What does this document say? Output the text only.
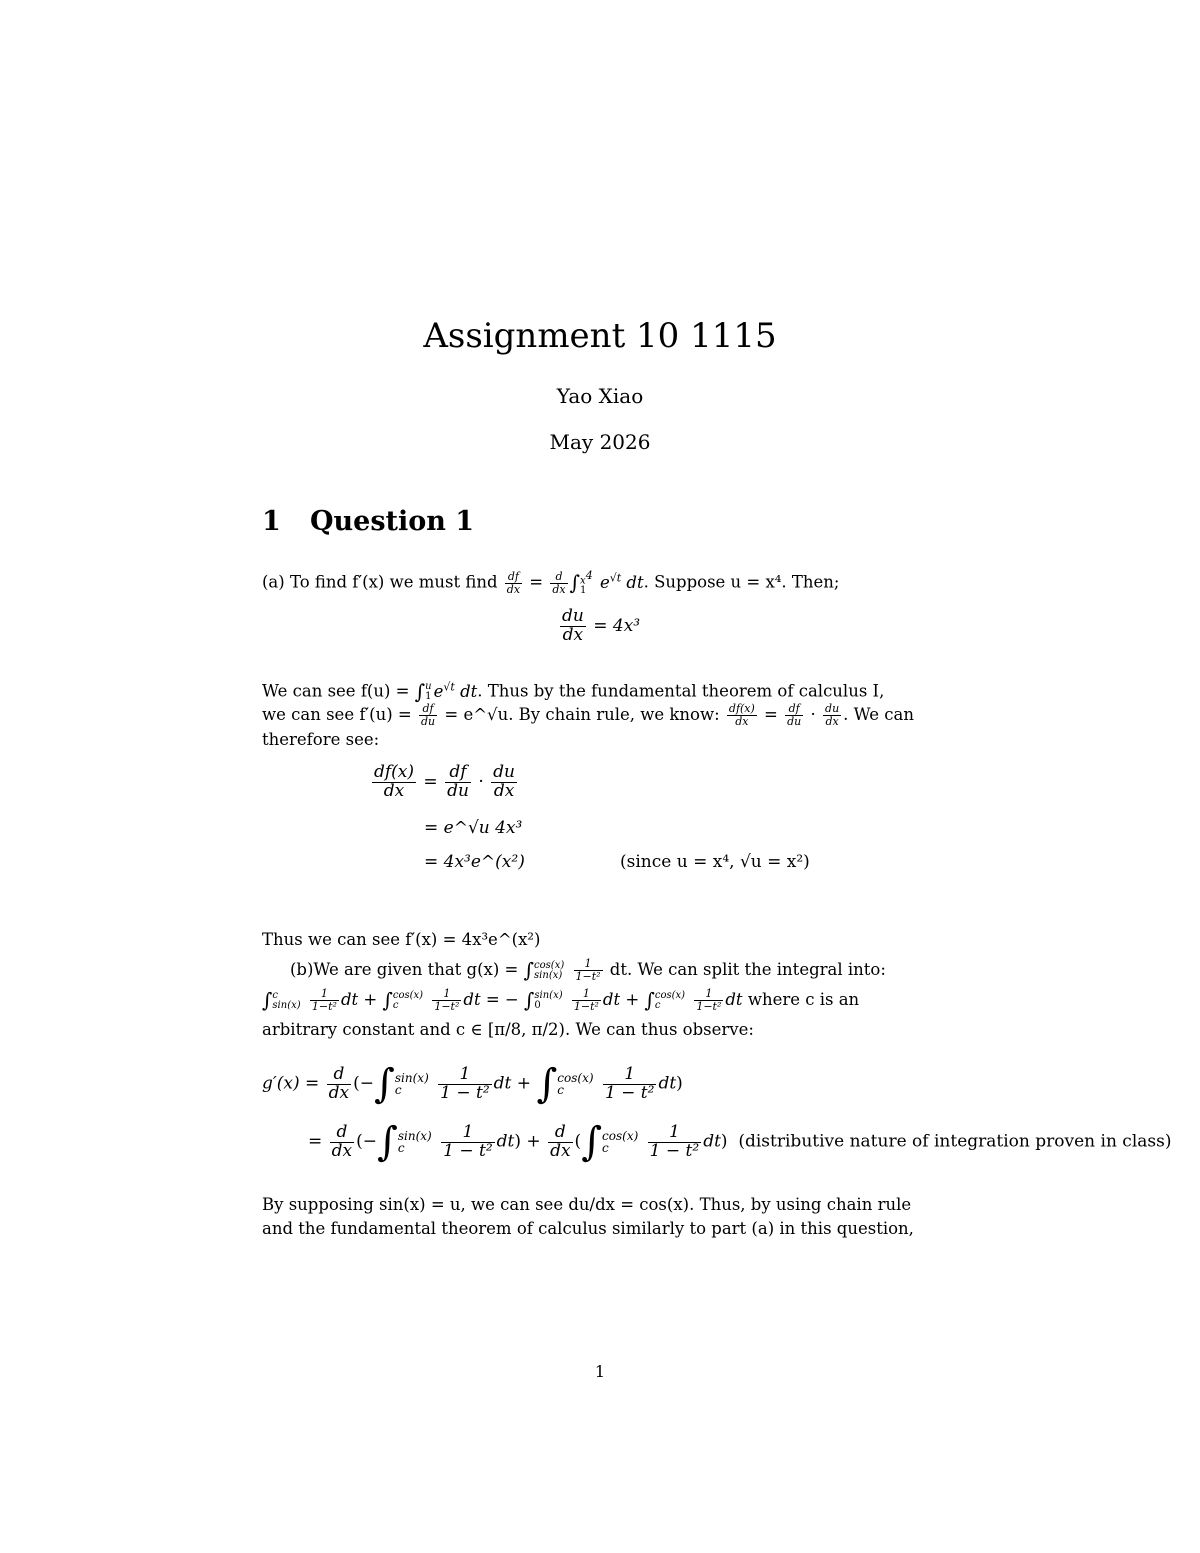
Assignment 10 1115
Yao Xiao
May 2026
1 Question 1
(a) To find f′(x) we must find $\frac{df}{dx} = \frac{d}{dx}$ ∫ $x^4$
1 $e^{√t}$ dt. Suppose u = x⁴. Then;
$\frac{du}{dx} = 4x^3$
We can see f(u) = ∫ u
1 $e^{√t}$ dt. Thus by the fundamental theorem of calculus I,
we can see $f'(u) = \frac{df}{du}$ = e^√u. By chain rule, we know: $\frac{df(x)}{dx} = \frac{df}{du} \cdot \frac{du}{dx}$ . We can
therefore see:
$\frac{df(x)}{dx} = \frac{df}{du} \cdot \frac{du}{dx}$
= e^√u 4x³
= 4x³e^(x²)	(since u = x⁴, √u = x²)
Thus we can see f′(x) = 4x³e^(x²)
(b)We are given that g(x) = ∫ cos(x)
sin(x)
$\frac{1}{\text{1−t²}}$ dt. We can split the integral into:
∫ c
sin(x)
$\frac{1}{\text{1−t²}}$ dt + ∫ cos(x)
c
	$\frac{1}{\text{1−t²}}$ dt = − ∫ sin(x)
0
	$\frac{1}{\text{1−t²}}$ dt + ∫ cos(x)
c
	$\frac{1}{\text{1−t²}}$ dt where c is an
arbitrary constant and c ∈ [π/8, π/2). We can thus observe:
$g'(x) = \frac{d}{dx}$ (−∫ sin(x)
c
	$\frac{1}{\text{1 − t²}}$ dt + ∫ cos(x)
c
	$\frac{1}{\text{1 − t²}} dt$)
= $\frac{d}{dx}$ (−∫ sin(x)
c
	$\frac{1}{\text{1 − t²}} dt) + \frac{d}{dx}$ (∫ cos(x)
c
	$\frac{1}{\text{1 − t²}} dt$)  (distributive nature of integration proven in class)
By supposing sin(x) = u, we can see du/dx = cos(x). Thus, by using chain rule
and the fundamental theorem of calculus similarly to part (a) in this question,
1
